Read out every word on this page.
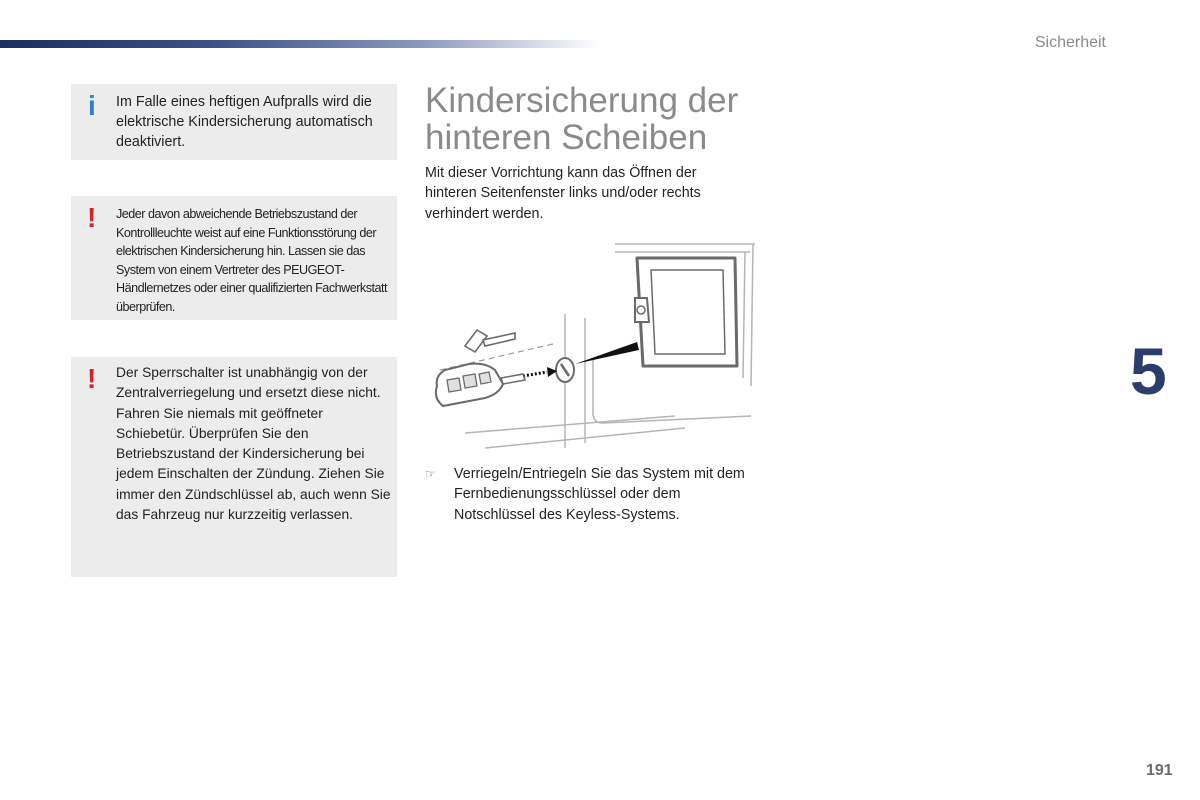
Sicherheit
i Im Falle eines heftigen Aufpralls wird die elektrische Kindersicherung automatisch deaktiviert.
! Jeder davon abweichende Betriebszustand der Kontrollleuchte weist auf eine Funktionsstörung der elektrischen Kindersicherung hin. Lassen sie das System von einem Vertreter des PEUGEOT-Händlernetzes oder einer qualifizierten Fachwerkstatt überprüfen.
! Der Sperrschalter ist unabhängig von der Zentralverriegelung und ersetzt diese nicht. Fahren Sie niemals mit geöffneter Schiebetür. Überprüfen Sie den Betriebszustand der Kindersicherung bei jedem Einschalten der Zündung. Ziehen Sie immer den Zündschlüssel ab, auch wenn Sie das Fahrzeug nur kurzzeitig verlassen.
Kindersicherung der hinteren Scheiben
Mit dieser Vorrichtung kann das Öffnen der hinteren Seitenfenster links und/oder rechts verhindert werden.
☞ Verriegeln/Entriegeln Sie das System mit dem Fernbedienungsschlüssel oder dem Notschlüssel des Keyless-Systems.
5
191
